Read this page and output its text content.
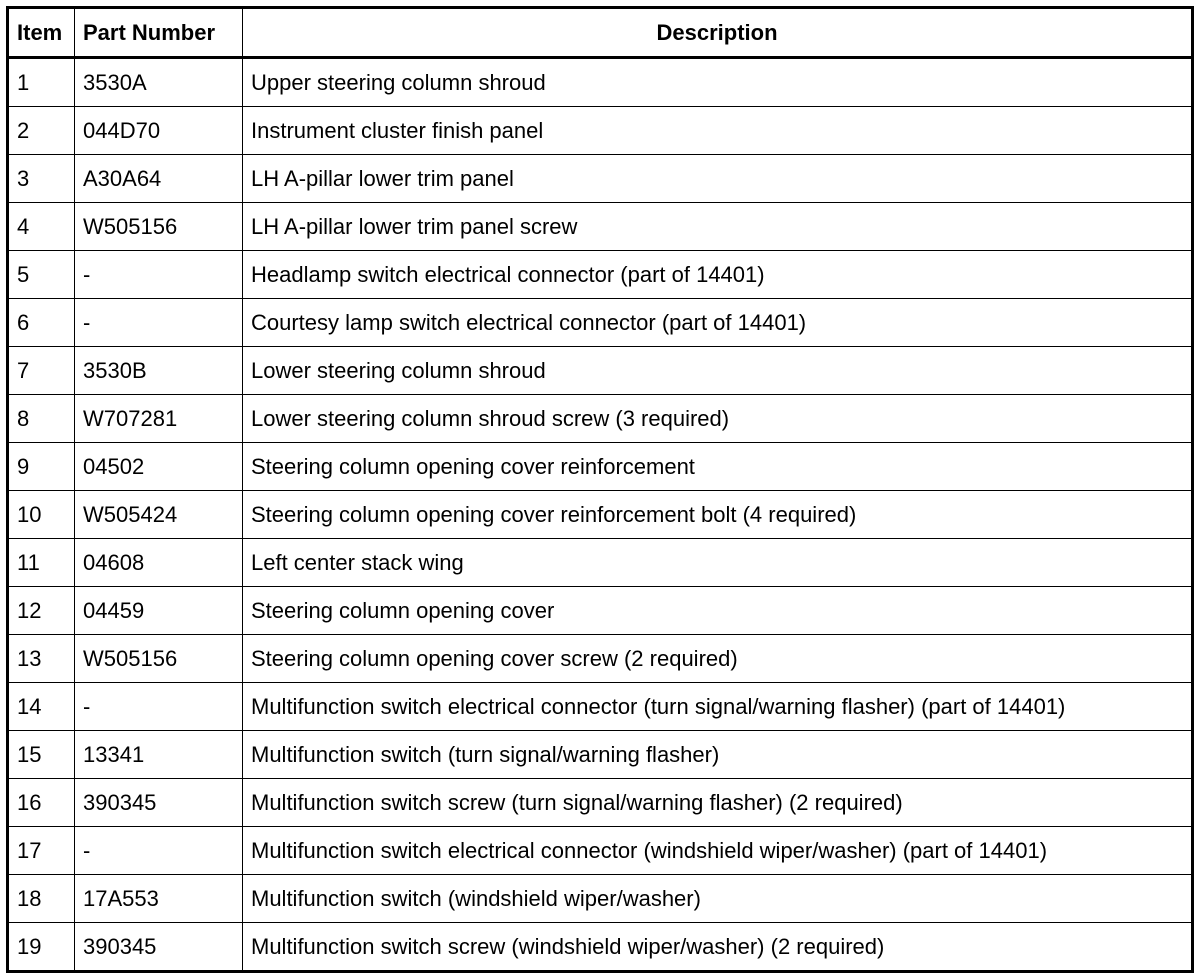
Item	Part Number	Description
1	3530A	Upper steering column shroud
2	044D70	Instrument cluster finish panel
3	A30A64	LH A-pillar lower trim panel
4	W505156	LH A-pillar lower trim panel screw
5	-	Headlamp switch electrical connector (part of 14401)
6	-	Courtesy lamp switch electrical connector (part of 14401)
7	3530B	Lower steering column shroud
8	W707281	Lower steering column shroud screw (3 required)
9	04502	Steering column opening cover reinforcement
10	W505424	Steering column opening cover reinforcement bolt (4 required)
11	04608	Left center stack wing
12	04459	Steering column opening cover
13	W505156	Steering column opening cover screw (2 required)
14	-	Multifunction switch electrical connector (turn signal/warning flasher) (part of 14401)
15	13341	Multifunction switch (turn signal/warning flasher)
16	390345	Multifunction switch screw (turn signal/warning flasher) (2 required)
17	-	Multifunction switch electrical connector (windshield wiper/washer) (part of 14401)
18	17A553	Multifunction switch (windshield wiper/washer)
19	390345	Multifunction switch screw (windshield wiper/washer) (2 required)
